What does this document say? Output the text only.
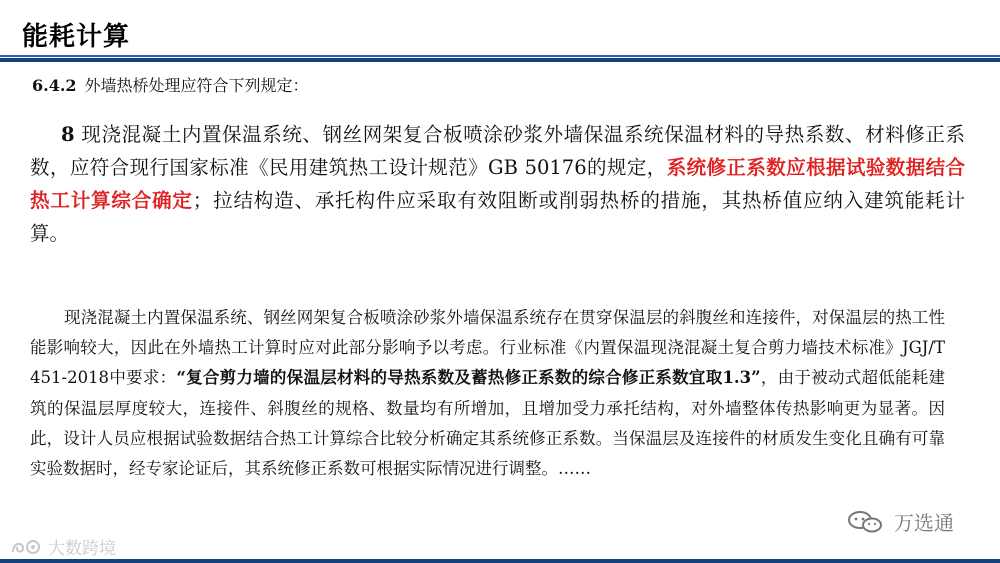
能耗计算
6.4.2 外墙热桥处理应符合下列规定：
8 现浇混凝土内置保温系统、钢丝网架复合板喷涂砂浆外墙保温系统保温材料的导热系数、材料修正系数，应符合现行国家标准《民用建筑热工设计规范》GB 50176的规定，系统修正系数应根据试验数据结合热工计算综合确定；拉结构造、承托构件应采取有效阻断或削弱热桥的措施，其热桥值应纳入建筑能耗计算。
现浇混凝土内置保温系统、钢丝网架复合板喷涂砂浆外墙保温系统存在贯穿保温层的斜腹丝和连接件，对保温层的热工性能影响较大，因此在外墙热工计算时应对此部分影响予以考虑。行业标准《内置保温现浇混凝土复合剪力墙技术标准》JGJ/T 451-2018中要求：“复合剪力墙的保温层材料的导热系数及蓄热修正系数的综合修正系数宜取1.3”，由于被动式超低能耗建筑的保温层厚度较大，连接件、斜腹丝的规格、数量均有所增加，且增加受力承托结构，对外墙整体传热影响更为显著。因此，设计人员应根据试验数据结合热工计算综合比较分析确定其系统修正系数。当保温层及连接件的材质发生变化且确有可靠实验数据时，经专家论证后，其系统修正系数可根据实际情况进行调整。……
大数跨境
万选通
